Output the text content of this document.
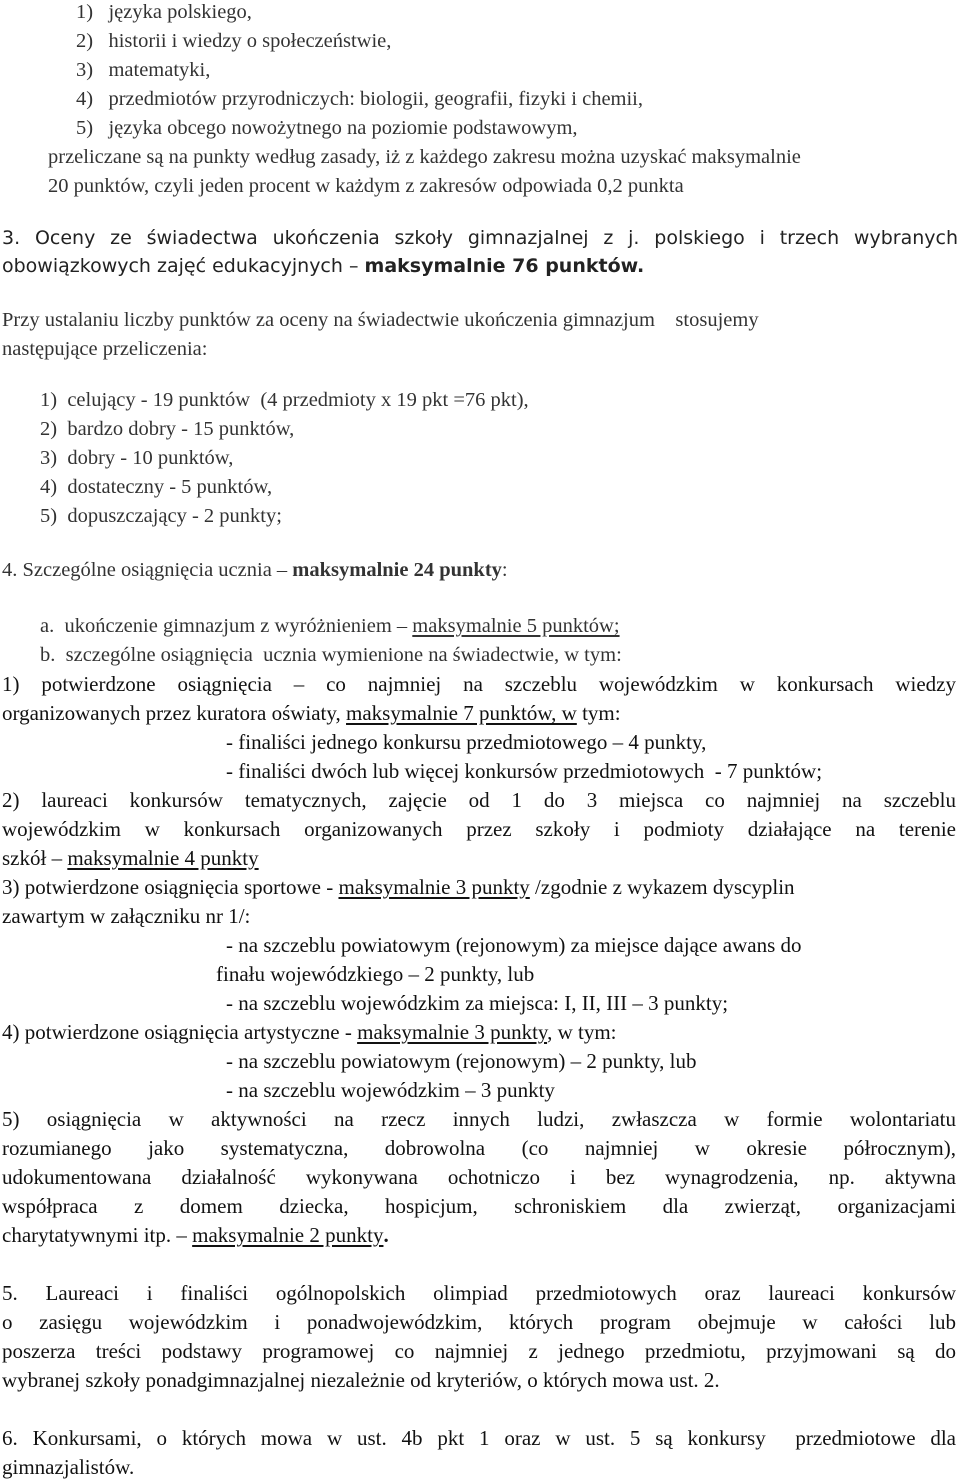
1)   języka polskiego,
2)   historii i wiedzy o społeczeństwie,
3)   matematyki,
4)   przedmiotów przyrodniczych: biologii, geografii, fizyki i chemii,
5)   języka obcego nowożytnego na poziomie podstawowym,
przeliczane są na punkty według zasady, iż z każdego zakresu można uzyskać maksymalnie
20 punktów, czyli jeden procent w każdym z zakresów odpowiada 0,2 punkta
3. Oceny ze świadectwa ukończenia szkoły gimnazjalnej z j. polskiego i trzech wybranych
obowiązkowych zajęć edukacyjnych – maksymalnie 76 punktów.
Przy ustalaniu liczby punktów za oceny na świadectwie ukończenia gimnazjum    stosujemy
następujące przeliczenia:
1)  celujący - 19 punktów  (4 przedmioty x 19 pkt =76 pkt),
2)  bardzo dobry - 15 punktów,
3)  dobry - 10 punktów,
4)  dostateczny - 5 punktów,
5)  dopuszczający - 2 punkty;
4. Szczególne osiągnięcia ucznia – maksymalnie 24 punkty:
a.  ukończenie gimnazjum z wyróżnieniem – maksymalnie 5 punktów;
b.  szczególne osiągnięcia  ucznia wymienione na świadectwie, w tym:
1) potwierdzone osiągnięcia – co najmniej na szczeblu wojewódzkim w konkursach wiedzy
organizowanych przez kuratora oświaty, maksymalnie 7 punktów, w tym:
- finaliści jednego konkursu przedmiotowego – 4 punkty,
- finaliści dwóch lub więcej konkursów przedmiotowych  - 7 punktów;
2) laureaci konkursów tematycznych, zajęcie od 1 do 3 miejsca co najmniej na szczeblu
wojewódzkim w konkursach organizowanych przez szkoły i podmioty działające na terenie
szkół – maksymalnie 4 punkty
3) potwierdzone osiągnięcia sportowe - maksymalnie 3 punkty /zgodnie z wykazem dyscyplin
zawartym w załączniku nr 1/:
- na szczeblu powiatowym (rejonowym) za miejsce dające awans do
finału wojewódzkiego – 2 punkty, lub
- na szczeblu wojewódzkim za miejsca: I, II, III – 3 punkty;
4) potwierdzone osiągnięcia artystyczne - maksymalnie 3 punkty, w tym:
- na szczeblu powiatowym (rejonowym) – 2 punkty, lub
- na szczeblu wojewódzkim – 3 punkty
5) osiągnięcia w aktywności na rzecz innych ludzi, zwłaszcza w formie wolontariatu
rozumianego jako systematyczna, dobrowolna (co najmniej w okresie półrocznym),
udokumentowana działalność wykonywana ochotniczo i bez wynagrodzenia, np. aktywna
współpraca z domem dziecka, hospicjum, schroniskiem dla zwierząt, organizacjami
charytatywnymi itp. – maksymalnie 2 punkty.
5. Laureaci i finaliści ogólnopolskich olimpiad przedmiotowych oraz laureaci konkursów
o zasięgu wojewódzkim i ponadwojewódzkim, których program obejmuje w całości lub
poszerza treści podstawy programowej co najmniej z jednego przedmiotu, przyjmowani są do
wybranej szkoły ponadgimnazjalnej niezależnie od kryteriów, o których mowa ust. 2.
6. Konkursami, o których mowa w ust. 4b pkt 1 oraz w ust. 5 są konkursy  przedmiotowe dla
gimnazjalistów.
